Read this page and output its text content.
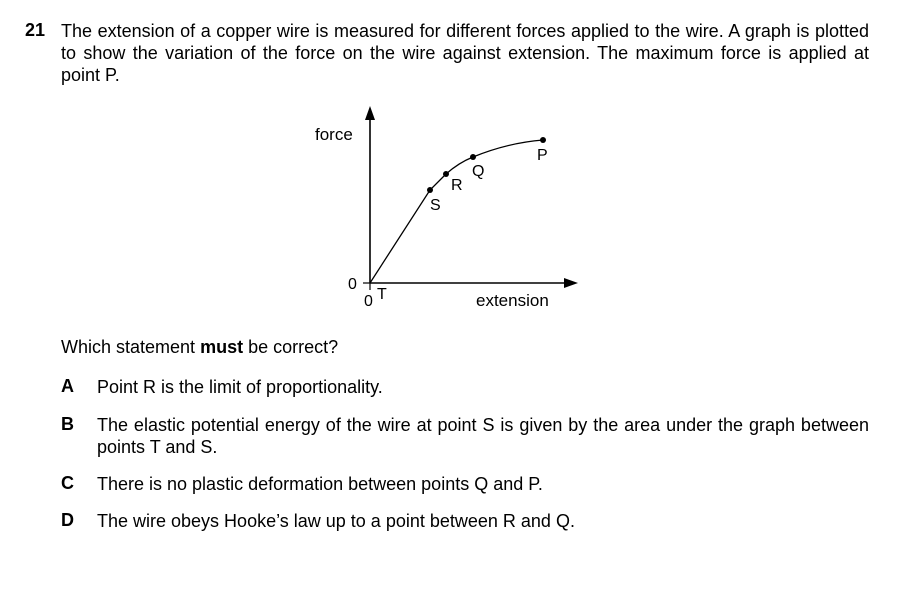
21 The extension of a copper wire is measured for different forces applied to the wire. A graph is plotted to show the variation of the force on the wire against extension. The maximum force is applied at point P.

force
extension
0
0 T
S
R
Q
P

Which statement must be correct?

A Point R is the limit of proportionality.

B The elastic potential energy of the wire at point S is given by the area under the graph between points T and S.

C There is no plastic deformation between points Q and P.

D The wire obeys Hooke’s law up to a point between R and Q.
